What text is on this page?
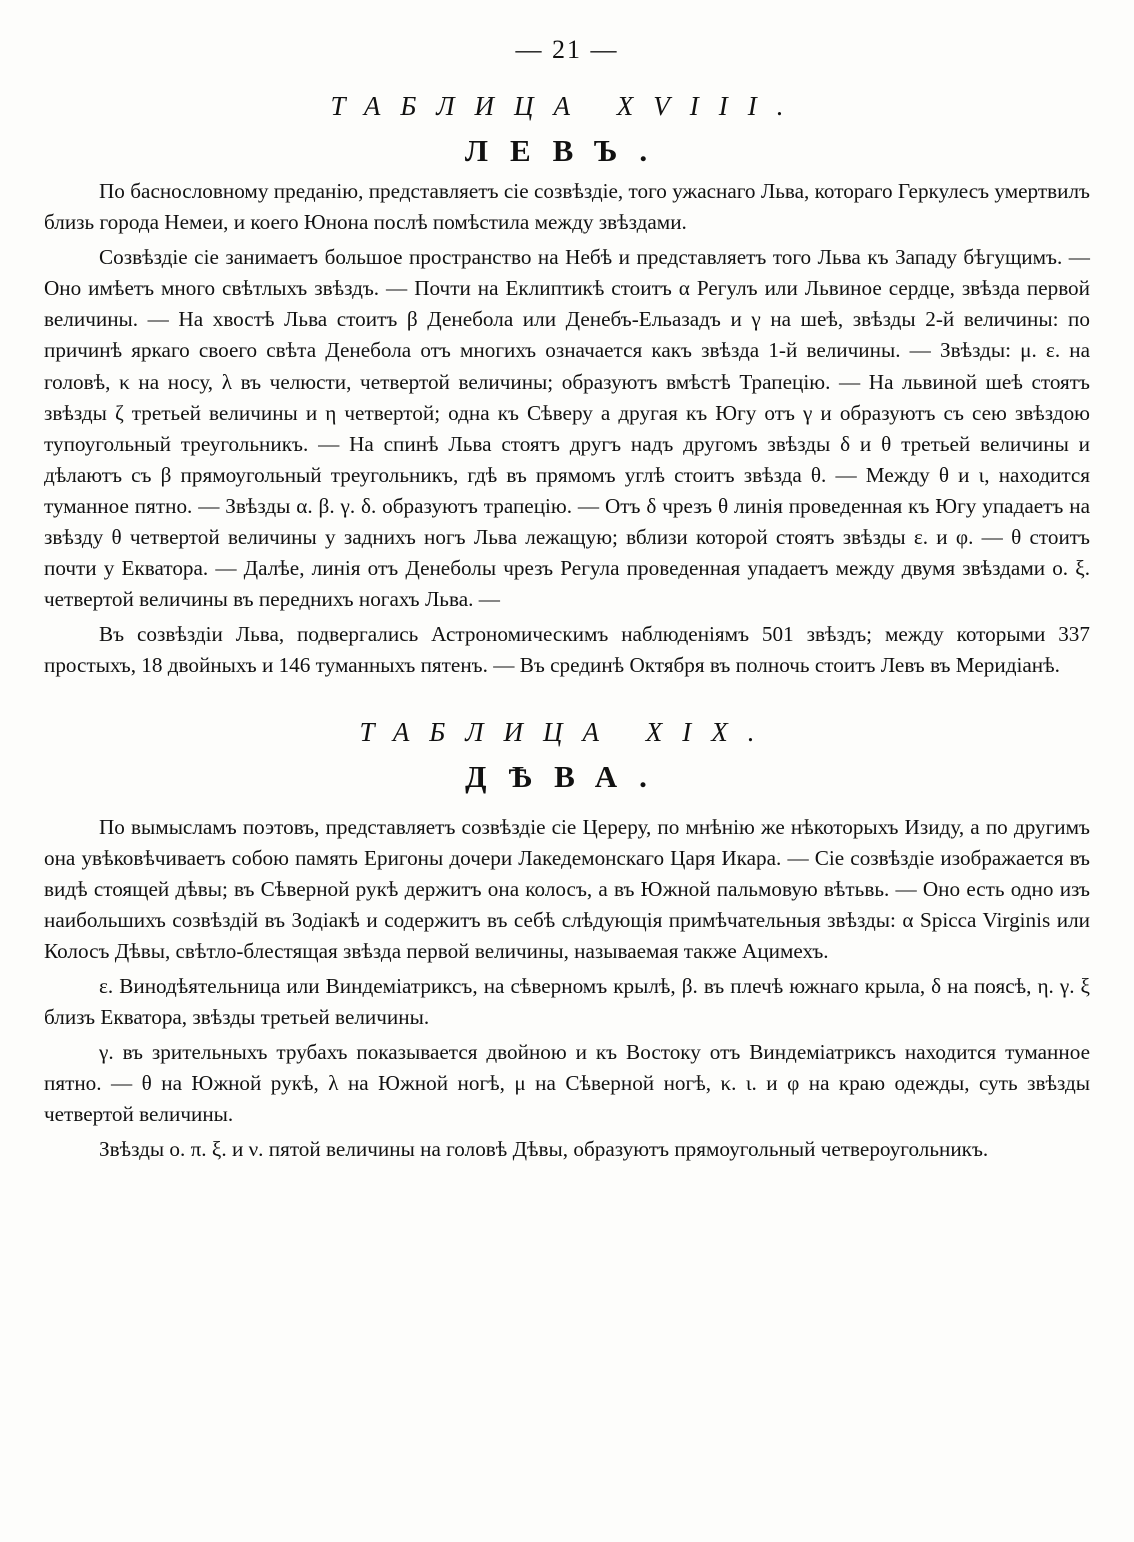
— 21 —
ТАБЛИЦА XVIII.
ЛЕВЪ.

По баснословному преданію, представляетъ сіе созвѣздіе, того ужаснаго Льва, котораго Геркулесъ умертвилъ близь города Немеи, и коего Юнона послѣ помѣстила между звѣздами.

Созвѣздіе сіе занимаетъ большое пространство на Небѣ и представляетъ того Льва къ Западу бѣгущимъ. — Оно имѣетъ много свѣтлыхъ звѣздъ. — Почти на Еклиптикѣ стоитъ α Регулъ или Львиное сердце, звѣзда первой величины. — На хвостѣ Льва стоитъ β Денебола или Денебъ-Ельазадъ и γ на шеѣ, звѣзды 2-й величины: по причинѣ яркаго своего свѣта Денебола отъ многихъ означается какъ звѣзда 1-й величины. — Звѣзды: μ. ε. на головѣ, κ на носу, λ въ челюсти, четвертой величины; образуютъ вмѣстѣ Трапецію. — На львиной шеѣ стоятъ звѣзды ζ третьей величины и η четвертой; одна къ Сѣверу а другая къ Югу отъ γ и образуютъ съ сею звѣздою тупоугольный треугольникъ. — На спинѣ Льва стоятъ другъ надъ другомъ звѣзды δ и θ третьей величины и дѣлаютъ съ β прямоугольный треугольникъ, гдѣ въ прямомъ углѣ стоитъ звѣзда θ. — Между θ и ι, находится туманное пятно. — Звѣзды α. β. γ. δ. образуютъ трапецію. — Отъ δ чрезъ θ линія проведенная къ Югу упадаетъ на звѣзду θ четвертой величины у заднихъ ногъ Льва лежащую; вблизи которой стоятъ звѣзды ε. и φ. — θ стоитъ почти у Екватора. — Далѣе, линія отъ Денеболы чрезъ Регула проведенная упадаетъ между двумя звѣздами ο. ξ. четвертой величины въ переднихъ ногахъ Льва. —

Въ созвѣздіи Льва, подвергались Астрономическимъ наблюденіямъ 501 звѣздъ; между которыми 337 простыхъ, 18 двойныхъ и 146 туманныхъ пятенъ. — Въ срединѣ Октября въ полночь стоитъ Левъ въ Меридіанѣ.

ТАБЛИЦА XIX.
ДѢВА.

По вымысламъ поэтовъ, представляетъ созвѣздіе сіе Цереру, по мнѣнію же нѣкоторыхъ Изиду, а по другимъ она увѣковѣчиваетъ собою память Еригоны дочери Лакедемонскаго Царя Икара. — Сіе созвѣздіе изображается въ видѣ стоящей дѣвы; въ Сѣверной рукѣ держитъ она колосъ, а въ Южной пальмовую вѣтьвь. — Оно есть одно изъ наибольшихъ созвѣздій въ Зодіакѣ и содержитъ въ себѣ слѣдующія примѣчательныя звѣзды: α Spicca Virginis или Колосъ Дѣвы, свѣтло-блестящая звѣзда первой величины, называемая также Ацимехъ.

ε. Винодѣятельница или Виндеміатриксъ, на сѣверномъ крылѣ, β. въ плечѣ южнаго крыла, δ на поясѣ, η. γ. ξ близъ Екватора, звѣзды третьей величины.

γ. въ зрительныхъ трубахъ показывается двойною и къ Востоку отъ Виндеміатриксъ находится туманное пятно. — θ на Южной рукѣ, λ на Южной ногѣ, μ на Сѣверной ногѣ, κ. ι. и φ на краю одежды, суть звѣзды четвертой величины.

Звѣзды ο. π. ξ. и ν. пятой величины на головѣ Дѣвы, образуютъ прямоугольный четвероугольникъ.
